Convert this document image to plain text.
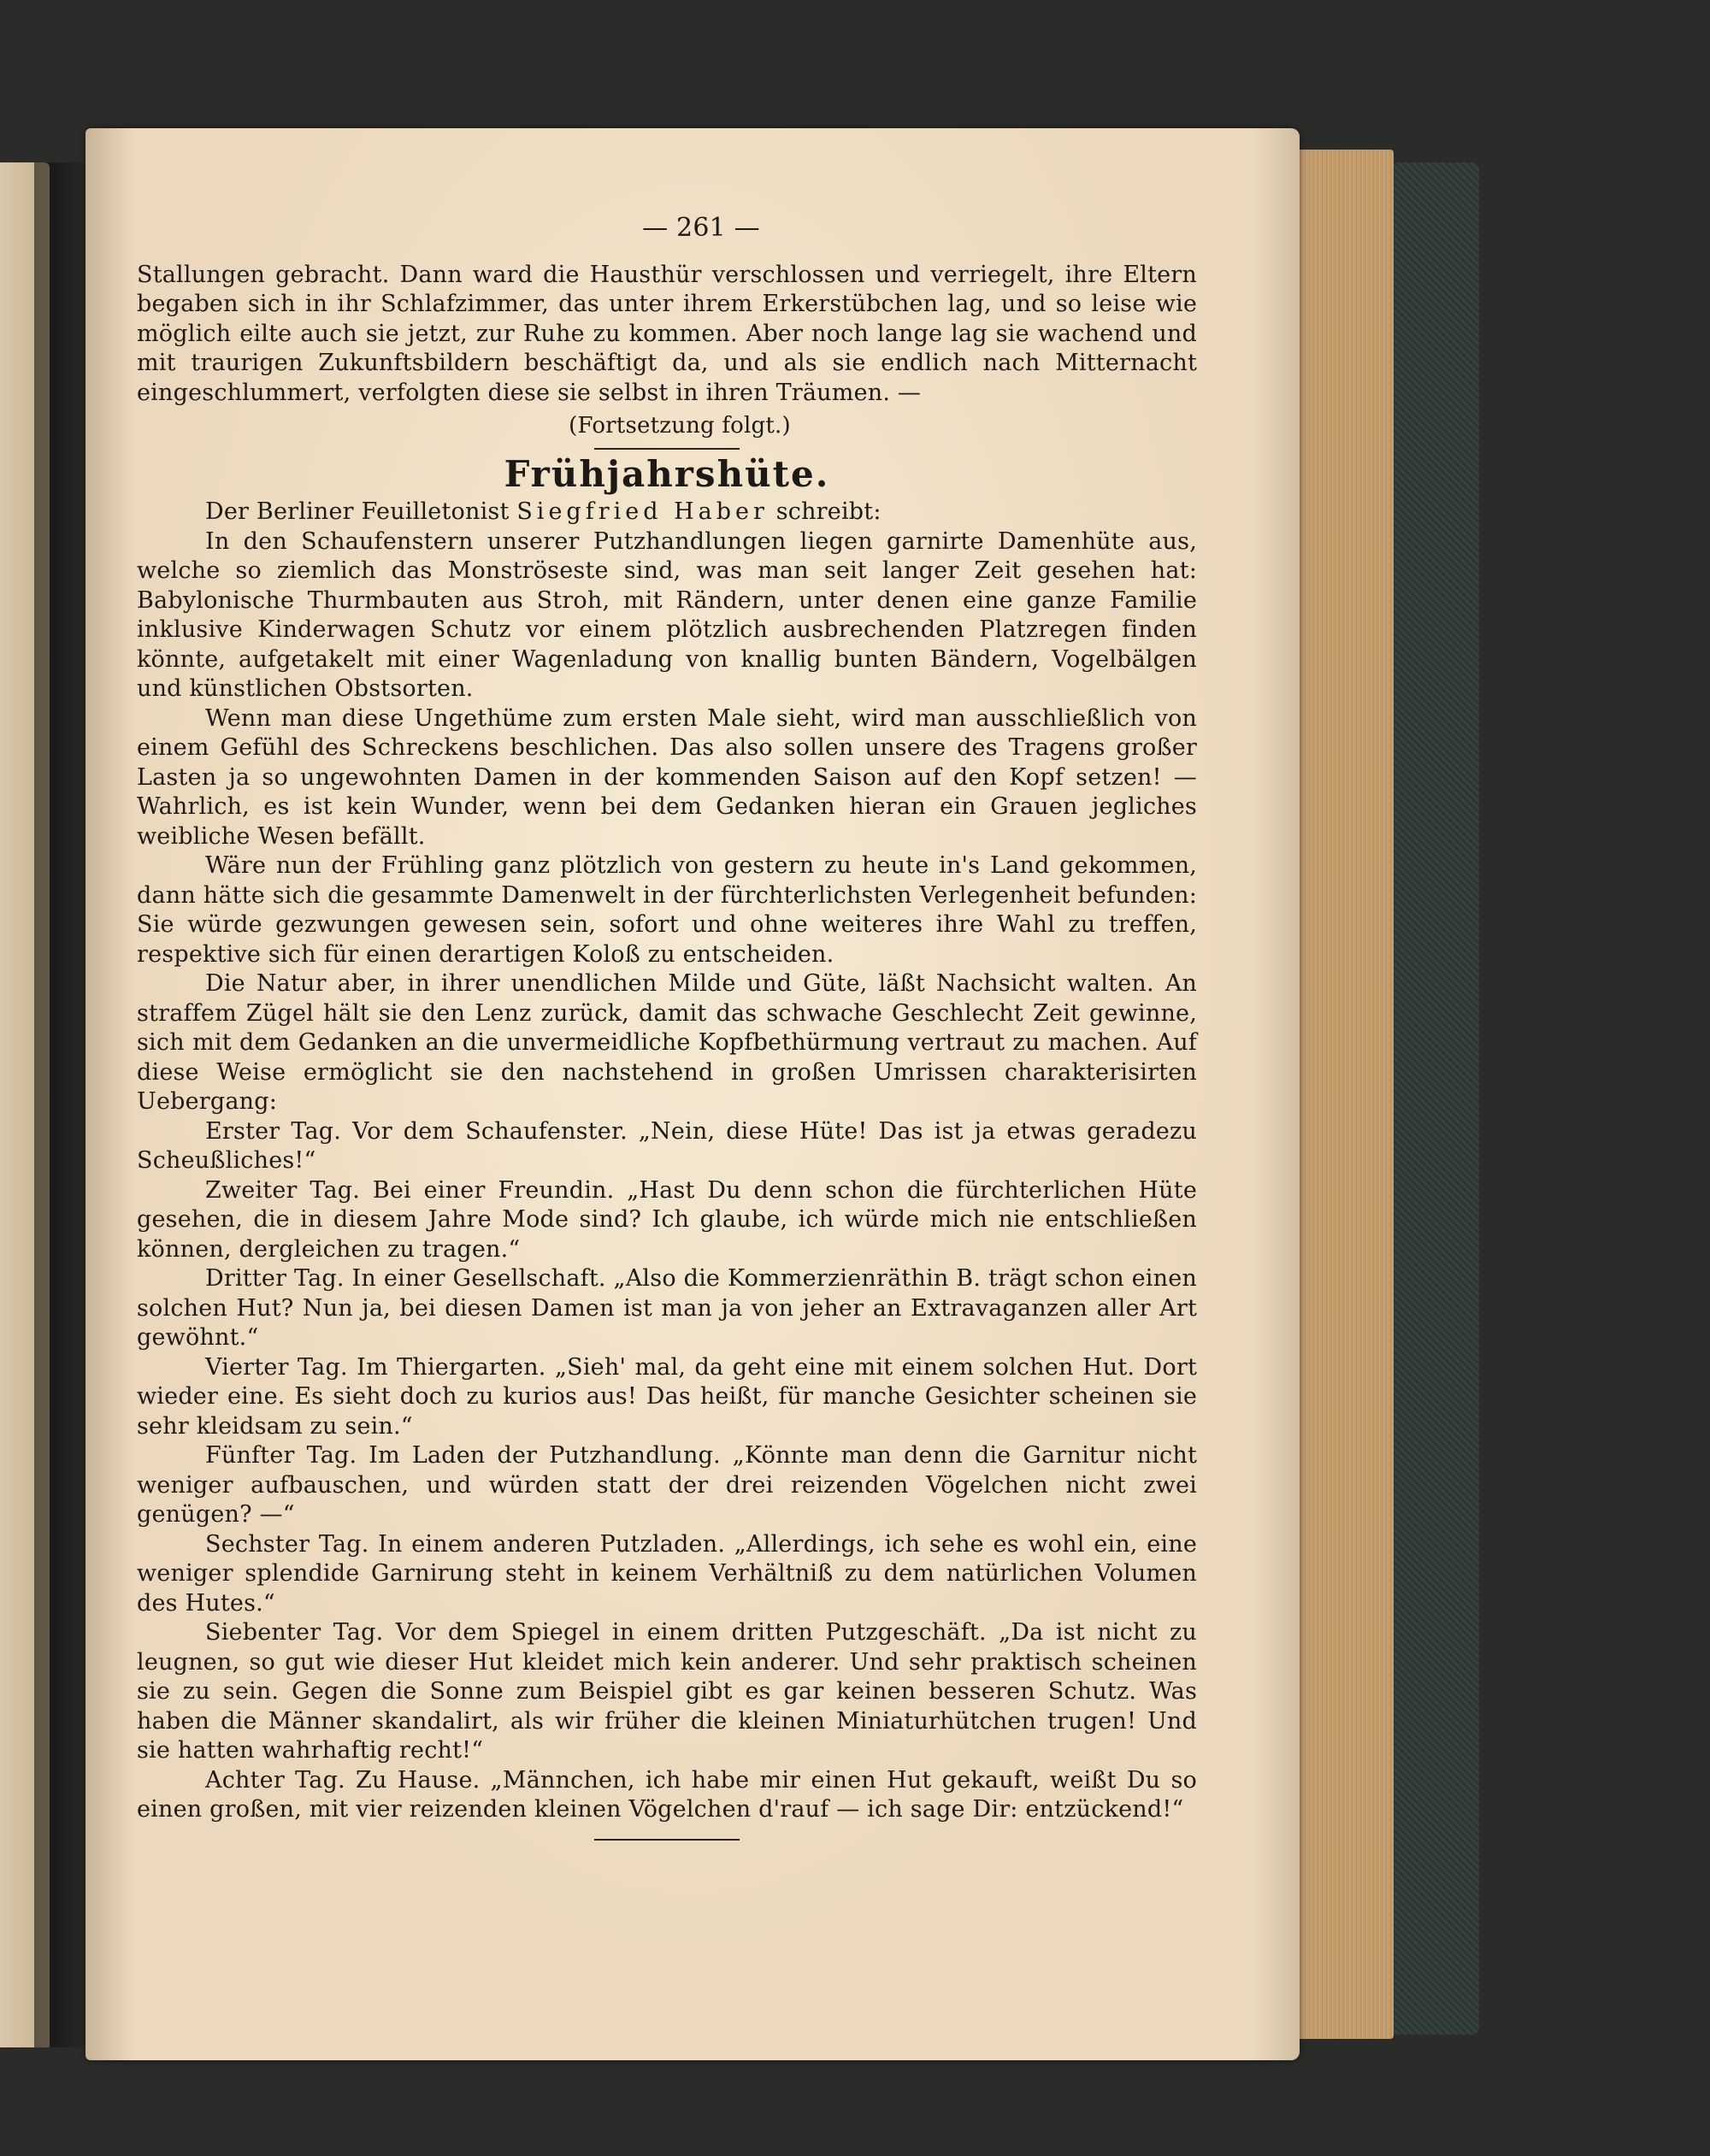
— 261 —

Stallungen gebracht. Dann ward die Hausthür verschlossen und verriegelt, ihre Eltern begaben sich in ihr Schlafzimmer, das unter ihrem Erkerstübchen lag, und so leise wie möglich eilte auch sie jetzt, zur Ruhe zu kommen. Aber noch lange lag sie wachend und mit traurigen Zukunftsbildern beschäftigt da, und als sie endlich nach Mitternacht eingeschlummert, verfolgten diese sie selbst in ihren Träumen. —

(Fortsetzung folgt.)
Frühjahrshüte.

Der Berliner Feuilletonist Siegfried Haber schreibt:

In den Schaufenstern unserer Putzhandlungen liegen garnirte Damenhüte aus, welche so ziemlich das Monströseste sind, was man seit langer Zeit gesehen hat: Babylonische Thurmbauten aus Stroh, mit Rändern, unter denen eine ganze Familie inklusive Kinderwagen Schutz vor einem plötzlich ausbrechenden Platzregen finden könnte, aufgetakelt mit einer Wagenladung von knallig bunten Bändern, Vogelbälgen und künstlichen Obstsorten.

Wenn man diese Ungethüme zum ersten Male sieht, wird man ausschließlich von einem Gefühl des Schreckens beschlichen. Das also sollen unsere des Tragens großer Lasten ja so ungewohnten Damen in der kommenden Saison auf den Kopf setzen! — Wahrlich, es ist kein Wunder, wenn bei dem Gedanken hieran ein Grauen jegliches weibliche Wesen befällt.

Wäre nun der Frühling ganz plötzlich von gestern zu heute in's Land gekommen, dann hätte sich die gesammte Damenwelt in der fürchterlichsten Verlegenheit befunden: Sie würde gezwungen gewesen sein, sofort und ohne weiteres ihre Wahl zu treffen, respektive sich für einen derartigen Koloß zu entscheiden.

Die Natur aber, in ihrer unendlichen Milde und Güte, läßt Nachsicht walten. An straffem Zügel hält sie den Lenz zurück, damit das schwache Geschlecht Zeit gewinne, sich mit dem Gedanken an die unvermeidliche Kopfbethürmung vertraut zu machen. Auf diese Weise ermöglicht sie den nachstehend in großen Umrissen charakterisirten Uebergang:

Erster Tag. Vor dem Schaufenster. „Nein, diese Hüte! Das ist ja etwas geradezu Scheußliches!“

Zweiter Tag. Bei einer Freundin. „Hast Du denn schon die fürchterlichen Hüte gesehen, die in diesem Jahre Mode sind? Ich glaube, ich würde mich nie entschließen können, dergleichen zu tragen.“

Dritter Tag. In einer Gesellschaft. „Also die Kommerzienräthin B. trägt schon einen solchen Hut? Nun ja, bei diesen Damen ist man ja von jeher an Extravaganzen aller Art gewöhnt.“

Vierter Tag. Im Thiergarten. „Sieh' mal, da geht eine mit einem solchen Hut. Dort wieder eine. Es sieht doch zu kurios aus! Das heißt, für manche Gesichter scheinen sie sehr kleidsam zu sein.“

Fünfter Tag. Im Laden der Putzhandlung. „Könnte man denn die Garnitur nicht weniger aufbauschen, und würden statt der drei reizenden Vögelchen nicht zwei genügen? —“

Sechster Tag. In einem anderen Putzladen. „Allerdings, ich sehe es wohl ein, eine weniger splendide Garnirung steht in keinem Verhältniß zu dem natürlichen Volumen des Hutes.“

Siebenter Tag. Vor dem Spiegel in einem dritten Putzgeschäft. „Da ist nicht zu leugnen, so gut wie dieser Hut kleidet mich kein anderer. Und sehr praktisch scheinen sie zu sein. Gegen die Sonne zum Beispiel gibt es gar keinen besseren Schutz. Was haben die Männer skandalirt, als wir früher die kleinen Miniaturhütchen trugen! Und sie hatten wahrhaftig recht!“

Achter Tag. Zu Hause. „Männchen, ich habe mir einen Hut gekauft, weißt Du so einen großen, mit vier reizenden kleinen Vögelchen d'rauf — ich sage Dir: entzückend!“
